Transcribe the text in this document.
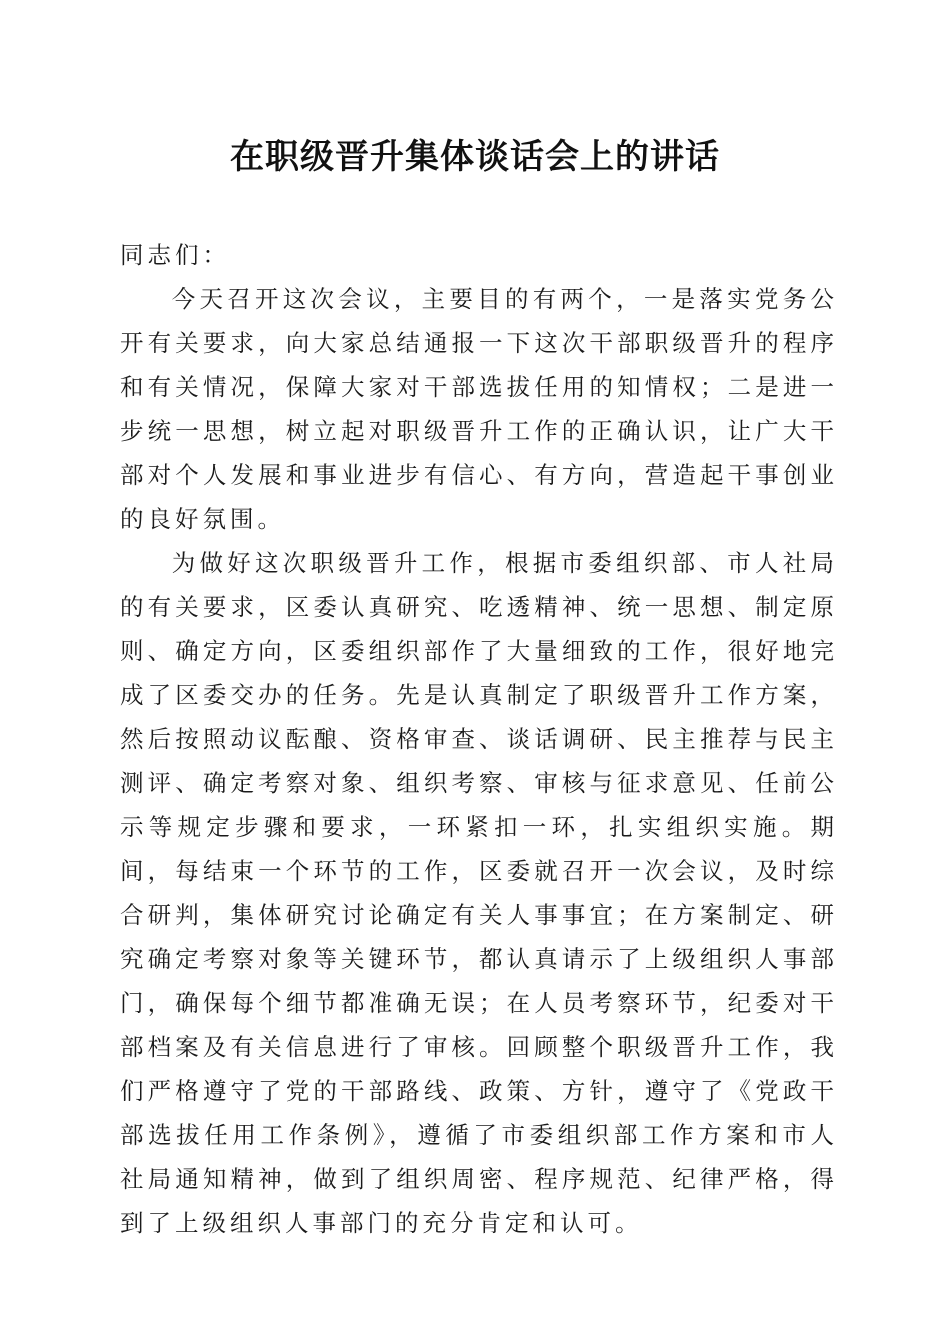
在职级晋升集体谈话会上的讲话

同志们：

今天召开这次会议，主要目的有两个，一是落实党务公开有关要求，向大家总结通报一下这次干部职级晋升的程序和有关情况，保障大家对干部选拔任用的知情权；二是进一步统一思想，树立起对职级晋升工作的正确认识，让广大干部对个人发展和事业进步有信心、有方向，营造起干事创业的良好氛围。

为做好这次职级晋升工作，根据市委组织部、市人社局的有关要求，区委认真研究、吃透精神、统一思想、制定原则、确定方向，区委组织部作了大量细致的工作，很好地完成了区委交办的任务。先是认真制定了职级晋升工作方案，然后按照动议酝酿、资格审查、谈话调研、民主推荐与民主测评、确定考察对象、组织考察、审核与征求意见、任前公示等规定步骤和要求，一环紧扣一环，扎实组织实施。期间，每结束一个环节的工作，区委就召开一次会议，及时综合研判，集体研究讨论确定有关人事事宜；在方案制定、研究确定考察对象等关键环节，都认真请示了上级组织人事部门，确保每个细节都准确无误；在人员考察环节，纪委对干部档案及有关信息进行了审核。回顾整个职级晋升工作，我们严格遵守了党的干部路线、政策、方针，遵守了《党政干部选拔任用工作条例》，遵循了市委组织部工作方案和市人社局通知精神，做到了组织周密、程序规范、纪律严格，得到了上级组织人事部门的充分肯定和认可。
